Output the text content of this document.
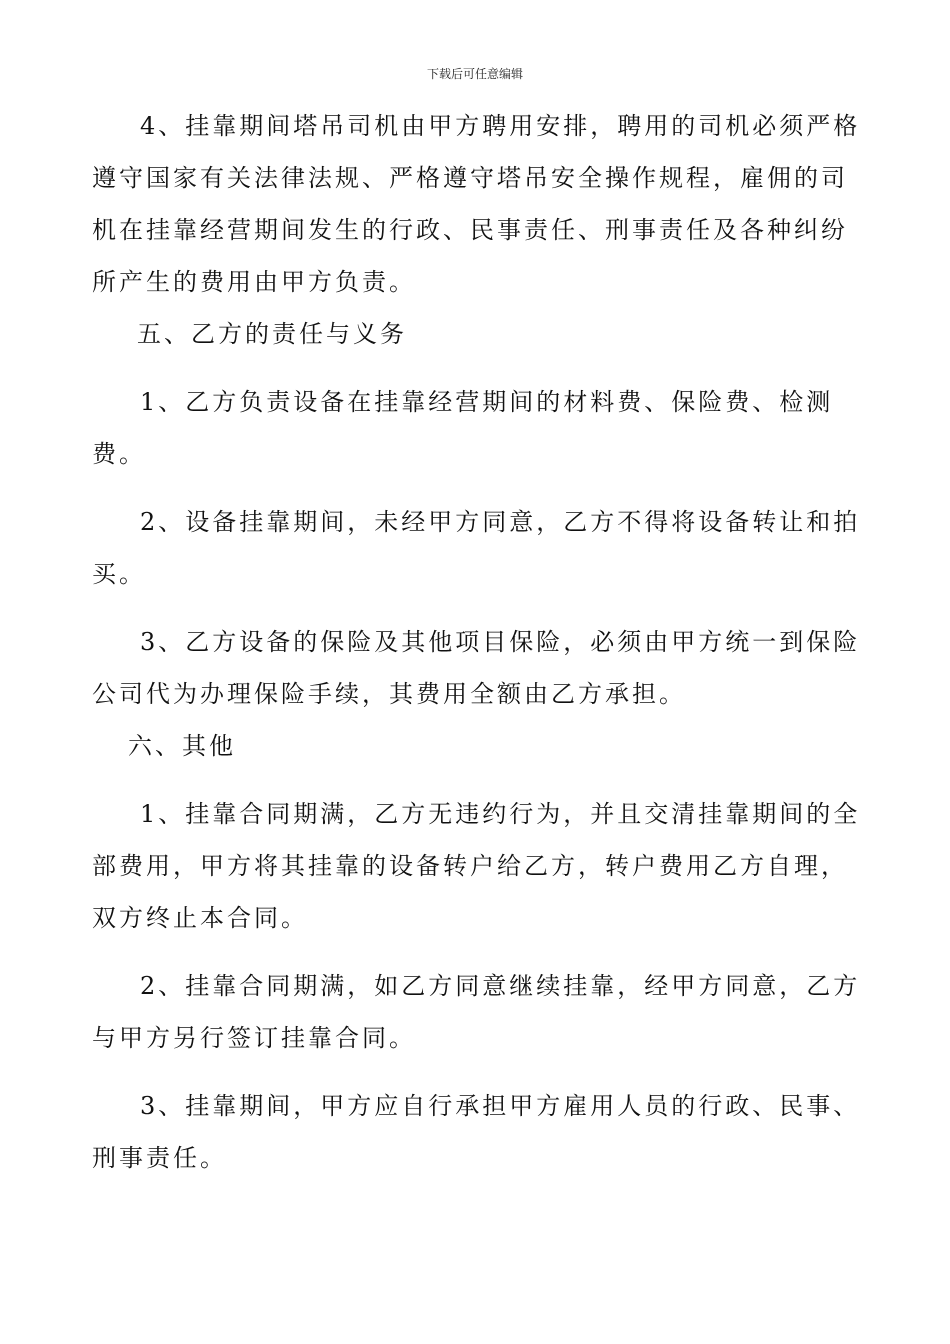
下载后可任意编辑

4、挂靠期间塔吊司机由甲方聘用安排，聘用的司机必须严格遵守国家有关法律法规、严格遵守塔吊安全操作规程，雇佣的司机在挂靠经营期间发生的行政、民事责任、刑事责任及各种纠纷所产生的费用由甲方负责。

五、乙方的责任与义务

1、乙方负责设备在挂靠经营期间的材料费、保险费、检测费。

2、设备挂靠期间，未经甲方同意，乙方不得将设备转让和拍买。

3、乙方设备的保险及其他项目保险，必须由甲方统一到保险公司代为办理保险手续，其费用全额由乙方承担。

六、其他

1、挂靠合同期满，乙方无违约行为，并且交清挂靠期间的全部费用，甲方将其挂靠的设备转户给乙方，转户费用乙方自理，双方终止本合同。

2、挂靠合同期满，如乙方同意继续挂靠，经甲方同意，乙方与甲方另行签订挂靠合同。

3、挂靠期间，甲方应自行承担甲方雇用人员的行政、民事、刑事责任。
